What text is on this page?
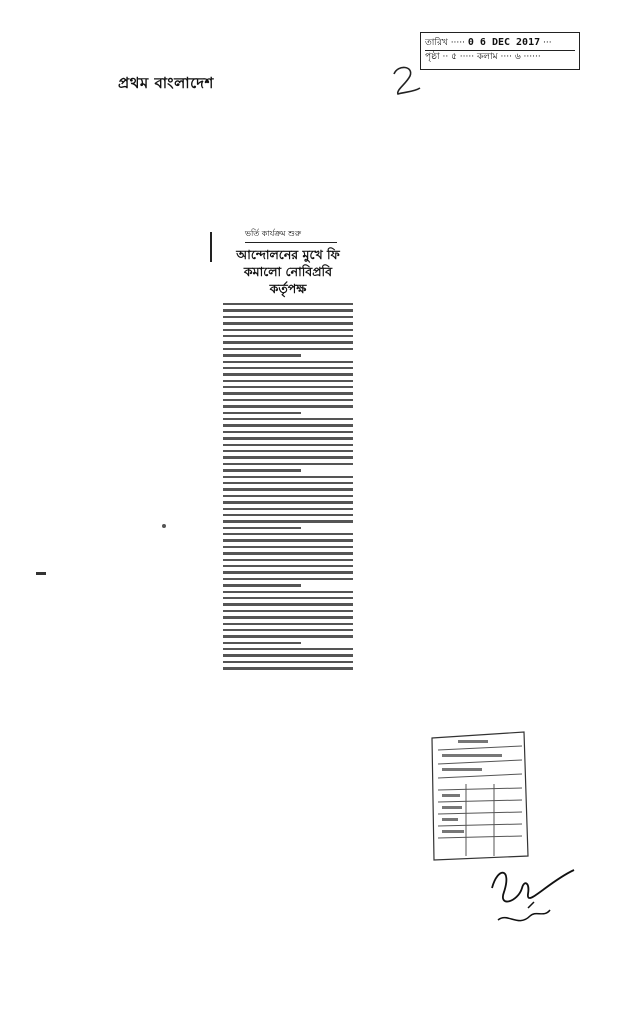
প্রথম বাংলাদেশ
তারিখ ····· 0 6 DEC 2017 ···
পৃষ্ঠা ·· ৫ ····· কলাম ···· ৬ ······
ভর্তি কার্যক্রম শুরু
আন্দোলনের মুখে ফি
কমালো নোবিপ্রবি
কর্তৃপক্ষ
